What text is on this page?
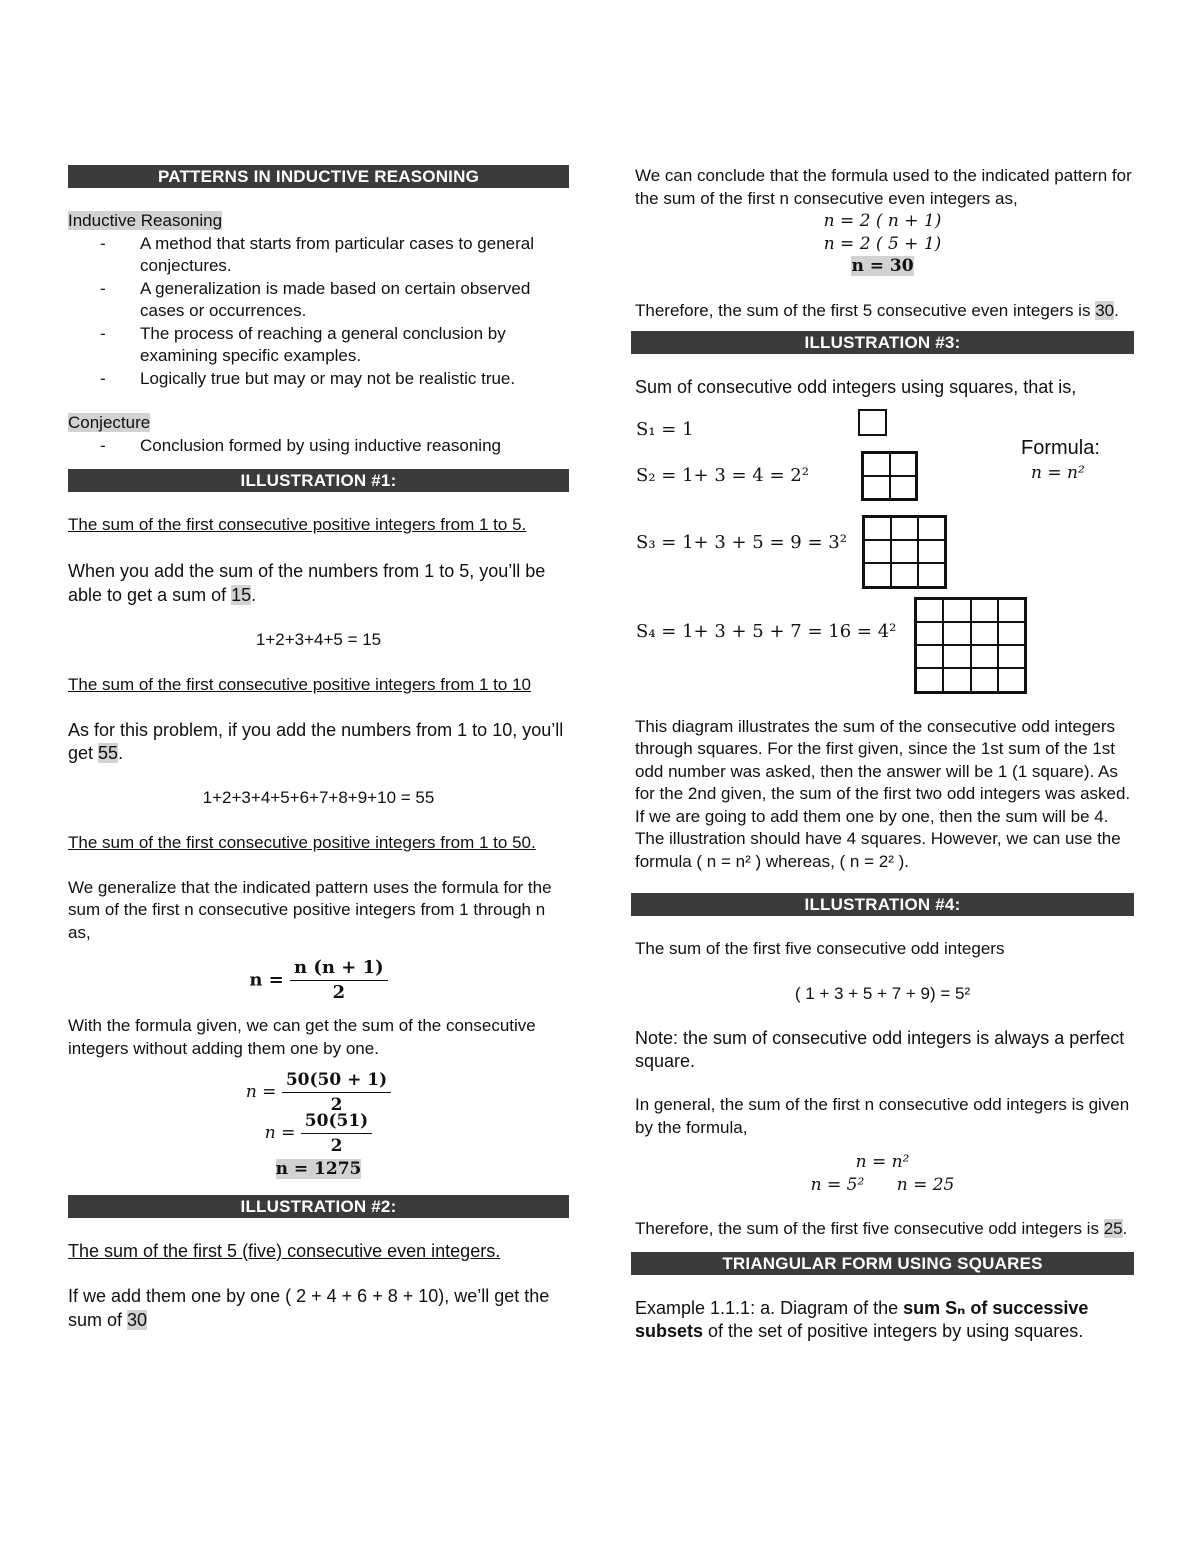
PATTERNS IN INDUCTIVE REASONING

Inductive Reasoning

-	A method that starts from particular cases to general conjectures.
-	A generalization is made based on certain observed cases or occurrences.
-	The process of reaching a general conclusion by examining specific examples.
-	Logically true but may or may not be realistic true.

Conjecture

-	Conclusion formed by using inductive reasoning
ILLUSTRATION #1:

The sum of the first consecutive positive integers from 1 to 5.

When you add the sum of the numbers from 1 to 5, you’ll be able to get a sum of 15.

1+2+3+4+5 = 15

The sum of the first consecutive positive integers from 1 to 10

As for this problem, if you add the numbers from 1 to 10, you’ll get 55.

1+2+3+4+5+6+7+8+9+10 = 55

The sum of the first consecutive positive integers from 1 to 50.

We generalize that the indicated pattern uses the formula for the sum of the first n consecutive positive integers from 1 through n as,

$n = \frac{n (n + 1)}{2}$

With the formula given, we can get the sum of the consecutive integers without adding them one by one.

$n = \frac{50(50 + 1)}{2}$
$n = \frac{50(51)}{2}$
n = 1275
ILLUSTRATION #2:

The sum of the first 5 (five) consecutive even integers.

If we add them one by one ( 2 + 4 + 6 + 8 + 10), we’ll get the sum of 30

We can conclude that the formula used to the indicated pattern for the sum of the first n consecutive even integers as,

n = 2 ( n + 1)
n = 2 ( 5 + 1)
n = 30

Therefore, the sum of the first 5 consecutive even integers is 30.

ILLUSTRATION #3:

Sum of consecutive odd integers using squares, that is,

S₁ = 1
S₂ = 1+ 3 = 4 = 2²
S₃ = 1+ 3 + 5 = 9 = 3²
S₄ = 1+ 3 + 5 + 7 = 16 = 4²
Formula:
n = n²

This diagram illustrates the sum of the consecutive odd integers through squares. For the first given, since the 1st sum of the 1st odd number was asked, then the answer will be 1 (1 square). As for the 2nd given, the sum of the first two odd integers was asked. If we are going to add them one by one, then the sum will be 4. The illustration should have 4 squares. However, we can use the formula ( n = n² ) whereas, ( n = 2² ).

ILLUSTRATION #4:

The sum of the first five consecutive odd integers

( 1 + 3 + 5 + 7 + 9) = 5²

Note: the sum of consecutive odd integers is always a perfect square.

In general, the sum of the first n consecutive odd integers is given by the formula,

n = n²
n = 5²      n = 25

Therefore, the sum of the first five consecutive odd integers is 25.

TRIANGULAR FORM USING SQUARES

Example 1.1.1: a. Diagram of the sum Sₙ of successive subsets of the set of positive integers by using squares.
